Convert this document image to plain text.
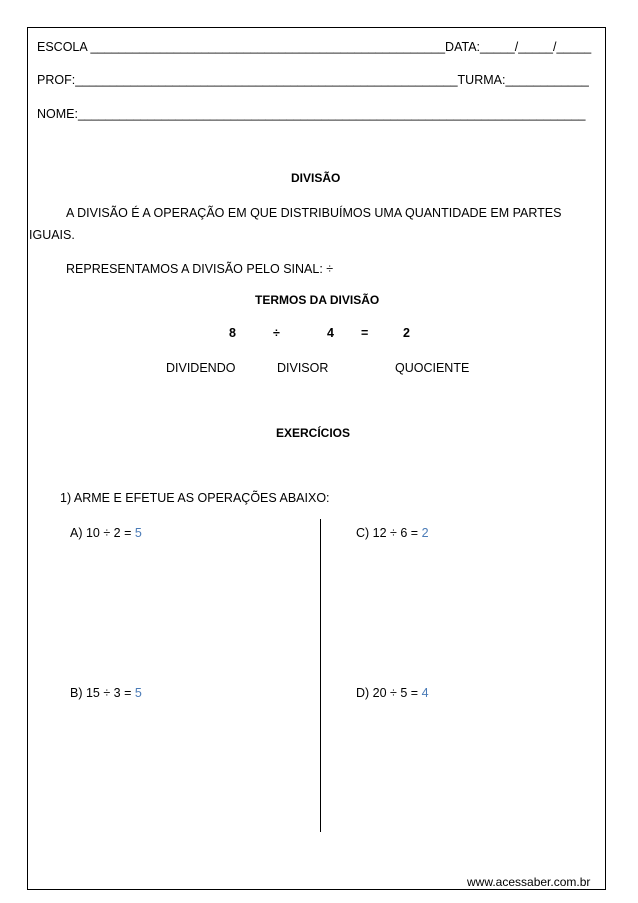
ESCOLA ___________________________________________________DATA:_____/_____/_____
PROF:_______________________________________________________TURMA:____________
NOME:_________________________________________________________________________
DIVISÃO
A DIVISÃO É A OPERAÇÃO EM QUE DISTRIBUÍMOS UMA QUANTIDADE EM PARTES
IGUAIS.
REPRESENTAMOS A DIVISÃO PELO SINAL: ÷
TERMOS DA DIVISÃO
8	÷	4 =	2
DIVIDENDO	DIVISOR	QUOCIENTE
EXERCÍCIOS
1) ARME E EFETUE AS OPERAÇÕES ABAIXO:
A) 10 ÷ 2 = 5	C) 12 ÷ 6 = 2
B) 15 ÷ 3 = 5	D) 20 ÷ 5 = 4
www.acessaber.com.br
